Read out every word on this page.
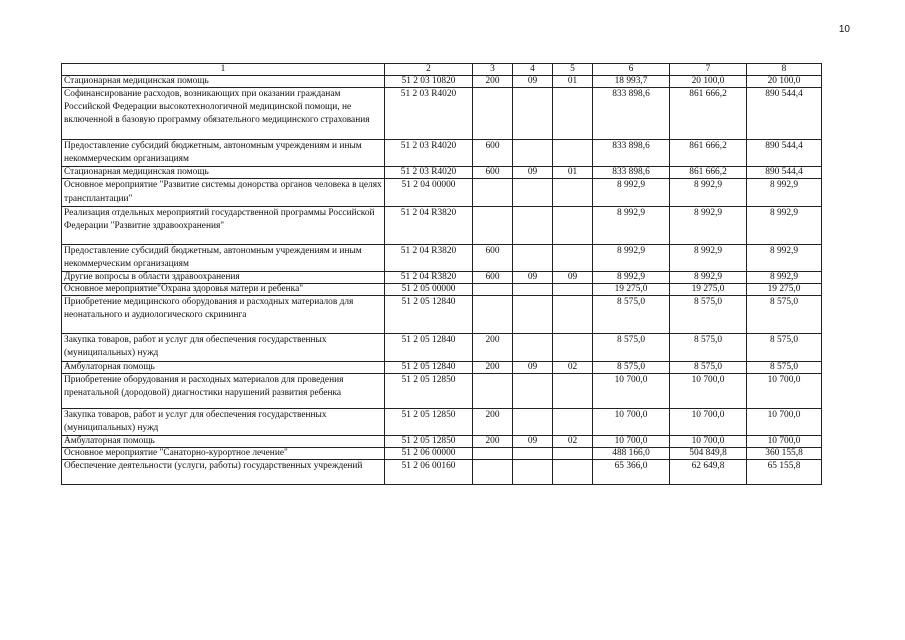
10
1	2	3	4	5	6	7	8
Стационарная медицинская помощь	51 2 03 10820	200	09	01	18 993,7	20 100,0	20 100,0
Софинансирование расходов, возникающих при оказании гражданам Российской Федерации высокотехнологичной медицинской помощи, не включенной в базовую программу обязательного медицинского страхования	51 2 03 R4020				833 898,6	861 666,2	890 544,4
Предоставление субсидий бюджетным, автономным учреждениям и иным некоммерческим организациям	51 2 03 R4020	600			833 898,6	861 666,2	890 544,4
Стационарная медицинская помощь	51 2 03 R4020	600	09	01	833 898,6	861 666,2	890 544,4
Основное мероприятие "Развитие системы донорства органов человека в целях трансплантации"	51 2 04 00000				8 992,9	8 992,9	8 992,9
Реализация отдельных мероприятий государственной программы Российской Федерации "Развитие здравоохранения"	51 2 04 R3820				8 992,9	8 992,9	8 992,9
Предоставление субсидий бюджетным, автономным учреждениям и иным некоммерческим организациям	51 2 04 R3820	600			8 992,9	8 992,9	8 992,9
Другие вопросы в области здравоохранения	51 2 04 R3820	600	09	09	8 992,9	8 992,9	8 992,9
Основное мероприятие"Охрана здоровья матери и ребенка"	51 2 05 00000				19 275,0	19 275,0	19 275,0
Приобретение медицинского оборудования и расходных материалов для неонатального и аудиологического скрининга	51 2 05 12840				8 575,0	8 575,0	8 575,0
Закупка товаров, работ и услуг для обеспечения государственных (муниципальных) нужд	51 2 05 12840	200			8 575,0	8 575,0	8 575,0
Амбулаторная помощь	51 2 05 12840	200	09	02	8 575,0	8 575,0	8 575,0
Приобретение оборудования и расходных материалов для проведения пренатальной (дородовой) диагностики нарушений развития ребенка	51 2 05 12850				10 700,0	10 700,0	10 700,0
Закупка товаров, работ и услуг для обеспечения государственных (муниципальных) нужд	51 2 05 12850	200			10 700,0	10 700,0	10 700,0
Амбулаторная помощь	51 2 05 12850	200	09	02	10 700,0	10 700,0	10 700,0
Основное мероприятие "Санаторно-курортное лечение"	51 2 06 00000				488 166,0	504 849,8	360 155,8
Обеспечение деятельности (услуги, работы) государственных учреждений	51 2 06 00160				65 366,0	62 649,8	65 155,8
